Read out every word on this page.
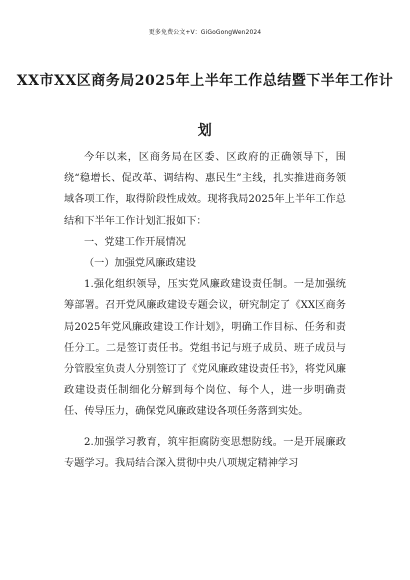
更多免费公文+V：GiGoGongWen2024
XX市XX区商务局2025年上半年工作总结暨下半年工作计
划

今年以来，区商务局在区委、区政府的正确领导下，围绕“稳增长、促改革、调结构、惠民生”主线，扎实推进商务领域各项工作，取得阶段性成效。现将我局2025年上半年工作总结和下半年工作计划汇报如下：

一、党建工作开展情况

（一）加强党风廉政建设

1.强化组织领导，压实党风廉政建设责任制。一是加强统筹部署。召开党风廉政建设专题会议，研究制定了《XX区商务局2025年党风廉政建设工作计划》，明确工作目标、任务和责任分工。二是签订责任书。党组书记与班子成员、班子成员与分管股室负责人分别签订了《党风廉政建设责任书》，将党风廉政建设责任制细化分解到每个岗位、每个人，进一步明确责任、传导压力，确保党风廉政建设各项任务落到实处。

2.加强学习教育，筑牢拒腐防变思想防线。一是开展廉政专题学习。我局结合深入贯彻中央八项规定精神学习
